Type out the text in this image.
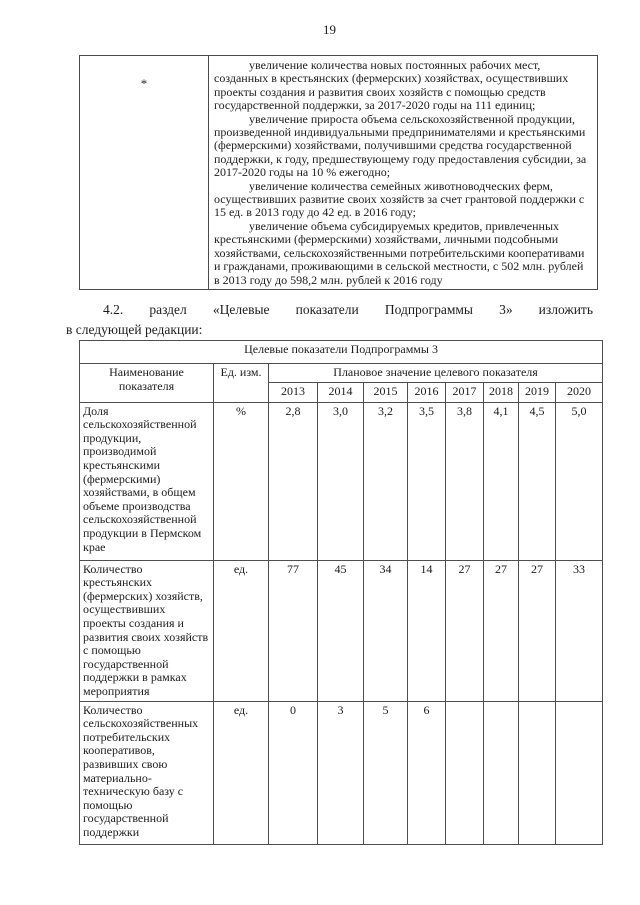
19
*

увеличение количества новых постоянных рабочих мест, созданных в крестьянских (фермерских) хозяйствах, осуществивших проекты создания и развития своих хозяйств с помощью средств государственной поддержки, за 2017-2020 годы на 111 единиц;

увеличение прироста объема сельскохозяйственной продукции, произведенной индивидуальными предпринимателями и крестьянскими (фермерскими) хозяйствами, получившими средства государственной поддержки, к году, предшествующему году предоставления субсидии, за 2017-2020 годы на 10 % ежегодно;

увеличение количества семейных животноводческих ферм, осуществивших развитие своих хозяйств за счет грантовой поддержки с 15 ед. в 2013 году до 42 ед. в 2016 году;

увеличение объема субсидируемых кредитов, привлеченных крестьянскими (фермерскими) хозяйствами, личными подсобными хозяйствами, сельскохозяйственными потребительскими кооперативами и гражданами, проживающими в сельской местности, с 502 млн. рублей в 2013 году до 598,2 млн. рублей к 2016 году

4.2. раздел «Целевые показатели Подпрограммы 3» изложить
в следующей редакции:
Целевые показатели Подпрограммы 3									
Наименование показателя	Ед. изм.	Плановое значение целевого показателя							
		2013	2014	2015	2016	2017	2018	2019	2020
Доля сельскохозяйственной продукции, производимой крестьянскими (фермерскими) хозяйствами, в общем объеме производства сельскохозяйственной продукции в Пермском крае	%	2,8	3,0	3,2	3,5	3,8	4,1	4,5	5,0
Количество крестьянских (фермерских) хозяйств, осуществивших проекты создания и развития своих хозяйств с помощью государственной поддержки в рамках мероприятия	ед.	77	45	34	14	27	27	27	33
Количество сельскохозяйственных потребительских кооперативов, развивших свою материально-техническую базу с помощью государственной поддержки	ед.	0	3	5	6				
